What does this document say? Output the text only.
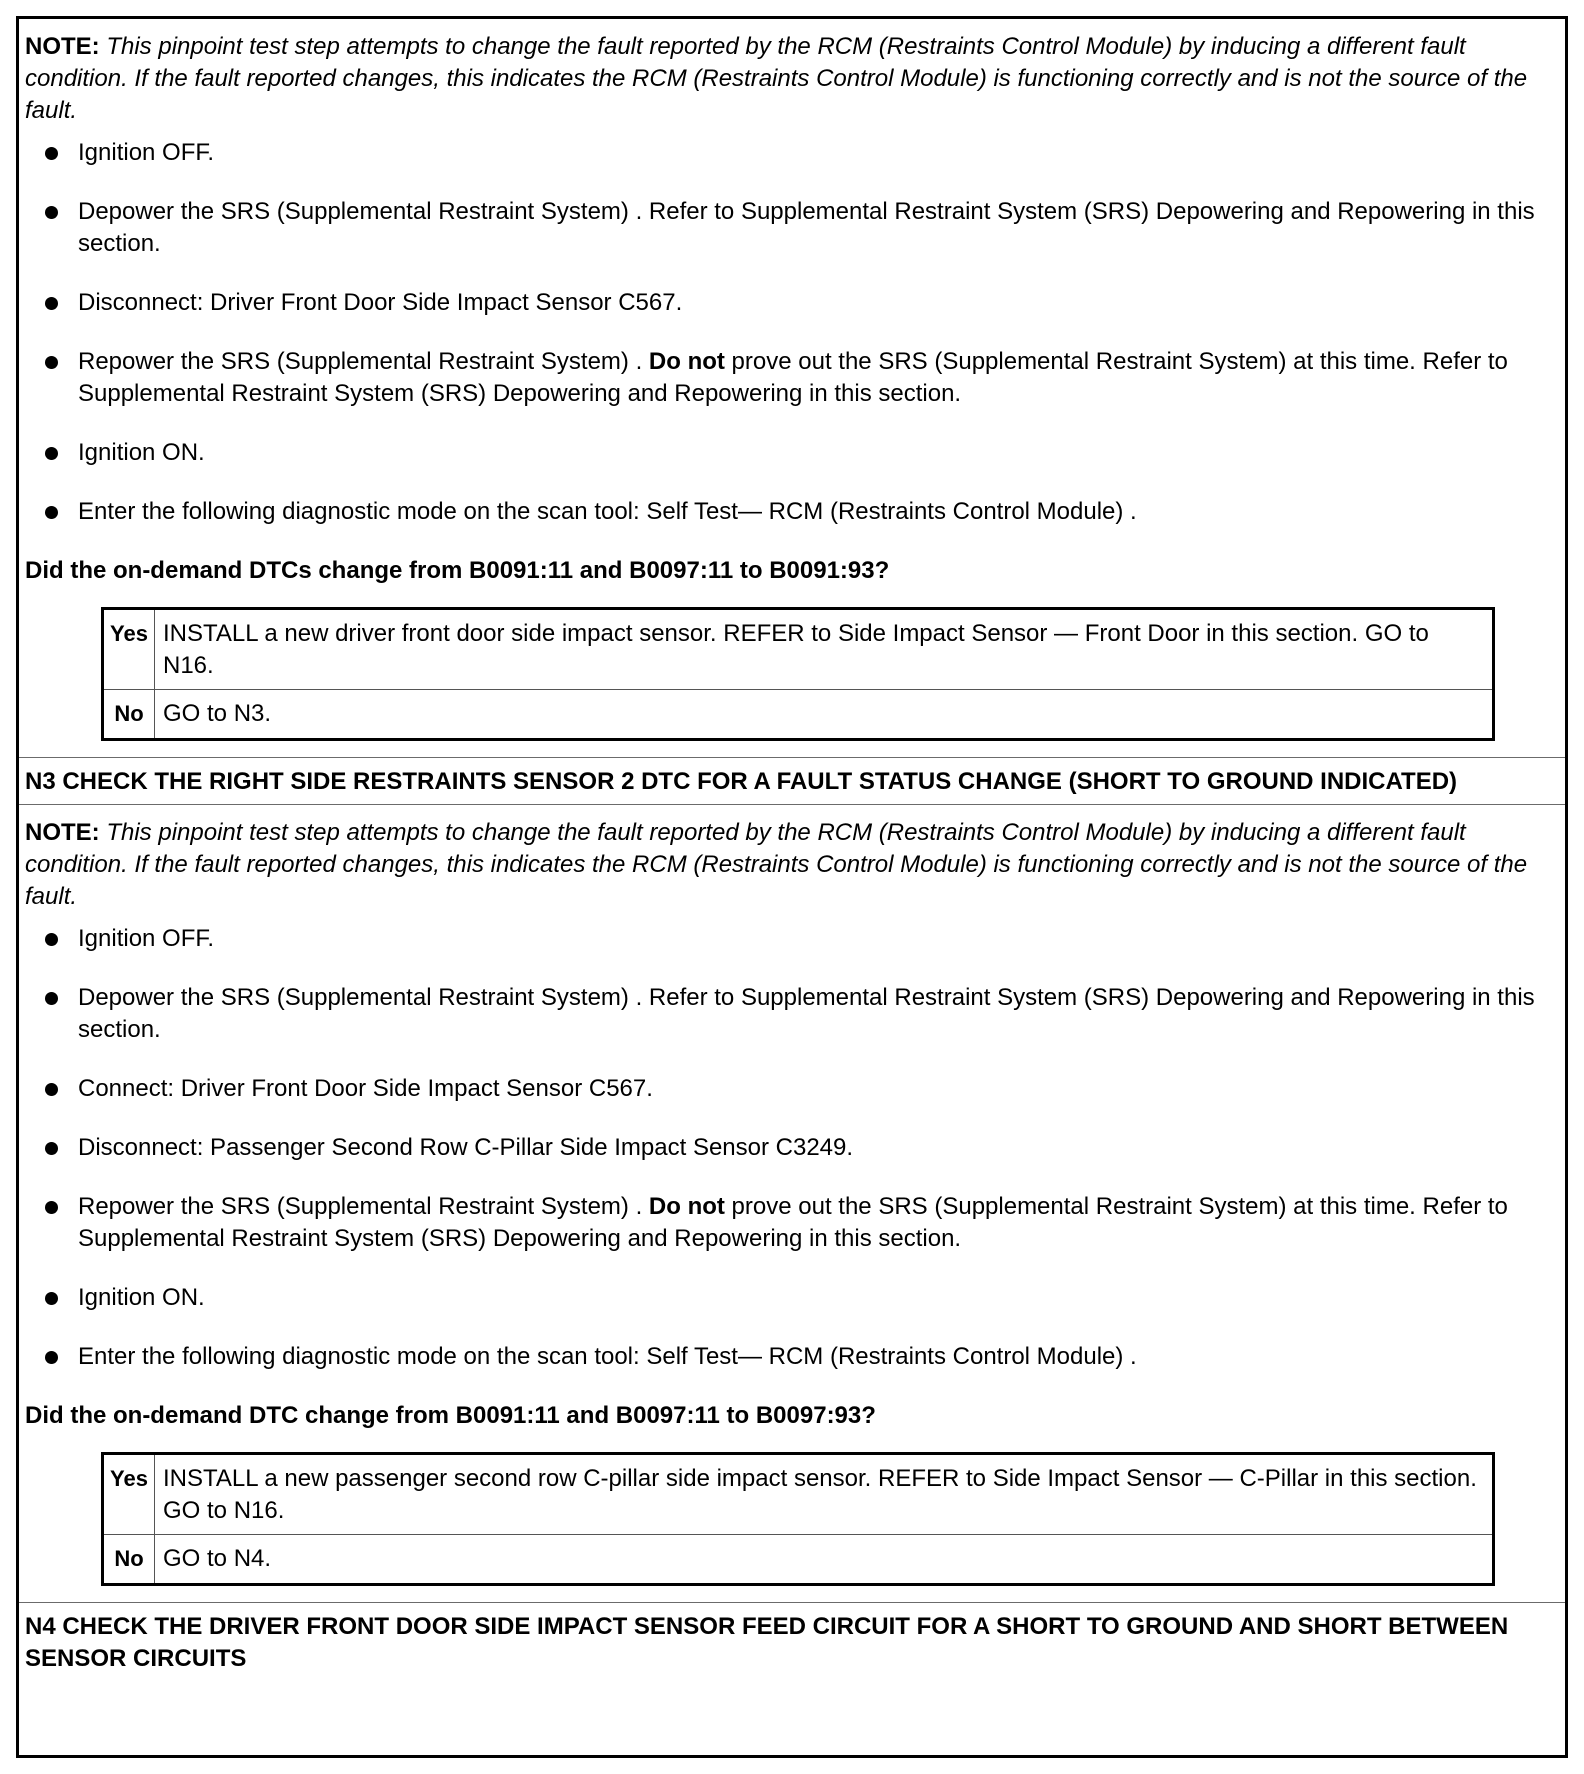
NOTE: This pinpoint test step attempts to change the fault reported by the RCM (Restraints Control Module) by inducing a different fault condition. If the fault reported changes, this indicates the RCM (Restraints Control Module) is functioning correctly and is not the source of the fault.

Ignition OFF.
Depower the SRS (Supplemental Restraint System) . Refer to Supplemental Restraint System (SRS) Depowering and Repowering in this section.
Disconnect: Driver Front Door Side Impact Sensor C567.
Repower the SRS (Supplemental Restraint System) . Do not prove out the SRS (Supplemental Restraint System) at this time. Refer to Supplemental Restraint System (SRS) Depowering and Repowering in this section.
Ignition ON.
Enter the following diagnostic mode on the scan tool: Self Test— RCM (Restraints Control Module) .

Did the on-demand DTCs change from B0091:11 and B0097:11 to B0091:93?

Yes	INSTALL a new driver front door side impact sensor. REFER to Side Impact Sensor — Front Door in this section. GO to N16.
No	GO to N3.
N3 CHECK THE RIGHT SIDE RESTRAINTS SENSOR 2 DTC FOR A FAULT STATUS CHANGE (SHORT TO GROUND INDICATED)

NOTE: This pinpoint test step attempts to change the fault reported by the RCM (Restraints Control Module) by inducing a different fault condition. If the fault reported changes, this indicates the RCM (Restraints Control Module) is functioning correctly and is not the source of the fault.

Ignition OFF.
Depower the SRS (Supplemental Restraint System) . Refer to Supplemental Restraint System (SRS) Depowering and Repowering in this section.
Connect: Driver Front Door Side Impact Sensor C567.
Disconnect: Passenger Second Row C-Pillar Side Impact Sensor C3249.
Repower the SRS (Supplemental Restraint System) . Do not prove out the SRS (Supplemental Restraint System) at this time. Refer to Supplemental Restraint System (SRS) Depowering and Repowering in this section.
Ignition ON.
Enter the following diagnostic mode on the scan tool: Self Test— RCM (Restraints Control Module) .

Did the on-demand DTC change from B0091:11 and B0097:11 to B0097:93?

Yes	INSTALL a new passenger second row C-pillar side impact sensor. REFER to Side Impact Sensor — C-Pillar in this section. GO to N16.
No	GO to N4.
N4 CHECK THE DRIVER FRONT DOOR SIDE IMPACT SENSOR FEED CIRCUIT FOR A SHORT TO GROUND AND SHORT BETWEEN SENSOR CIRCUITS
